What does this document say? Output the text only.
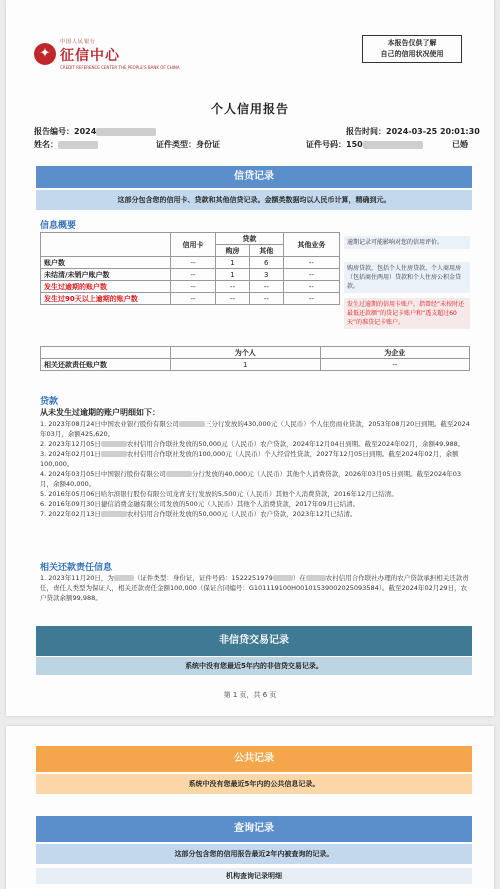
✦
中国人民银行
征信中心
CREDIT REFERENCE CENTER THE PEOPLE'S BANK OF CHINA
本报告仅供了解
自己的信用状况使用
个人信用报告
报告编号：2024	报告时间：2024-03-25 20:01:30
姓名：	证件类型：身份证	证件号码：150	已婚
信贷记录
这部分包含您的信用卡、贷款和其他信贷记录。金额类数据均以人民币计算，精确到元。
信息概要
	信用卡	贷款		其他业务
		购房	其他	
账户数	--	1	6	--
未结清/未销户账户数	--	1	3	--
发生过逾期的账户数	--	--	--	--
发生过90天以上逾期的账户数	--	--	--	--
逾期记录可能影响对您的信用评价。
购房贷款，包括个人住房贷款、个人商用房（包括商住两用）贷款和个人住房公积金贷款。
发生过逾期的信用卡账户，指曾经“未按时还最低还款额”的贷记卡账户和“透支超过60天”的准贷记卡账户。
	为个人	为企业
相关还款责任账户数	1	--
贷款
从未发生过逾期的账户明细如下：

1. 2023年08月24日中国农业银行股份有限公司	三分行发放的430,000元（人民币）个人住房商业贷款，2053年08月20日到期。截至2024年03月，余额425,620。

2. 2023年12月05日	农村信用合作联社发放的50,000元（人民币）农户贷款，2024年12月04日到期。截至2024年02月，余额49,988。

3. 2024年02月01日	农村信用合作联社发放的100,000元（人民币）个人经营性贷款，2027年12月05日到期。截至2024年02月，余额100,000。

4. 2024年03月05日中国银行股份有限公司	分行发放的40,000元（人民币）其他个人消费贷款，2026年03月05日到期。截至2024年03月，余额40,000。

5. 2016年05月06日哈尔滨银行股份有限公司龙青支行发放的5,500元（人民币）其他个人消费贷款，2016年12月已结清。

6. 2016年09月30日捷信消费金融有限公司发放的500元（人民币）其他个人消费贷款，2017年09月已结清。

7. 2022年02月13日	农村信用合作联社发放的50,000元（人民币）农户贷款，2023年12月已结清。

相关还款责任信息

1. 2023年11月20日，为	（证件类型：身份证，证件号码：1522251979	）在	农村信用合作联社办理的农户贷款承担相关还款责任，责任人类型为保证人，相关还款责任金额100,000（保证合同编号：G101119100H00101539002025093584）。截至2024年02月29日，农户贷款余额99,988。

非信贷交易记录
系统中没有您最近5年内的非信贷交易记录。
第 1 页，共 6 页
公共记录
系统中没有您最近5年内的公共信息记录。
查询记录
这部分包含您的信用报告最近2年内被查询的记录。
机构查询记录明细
